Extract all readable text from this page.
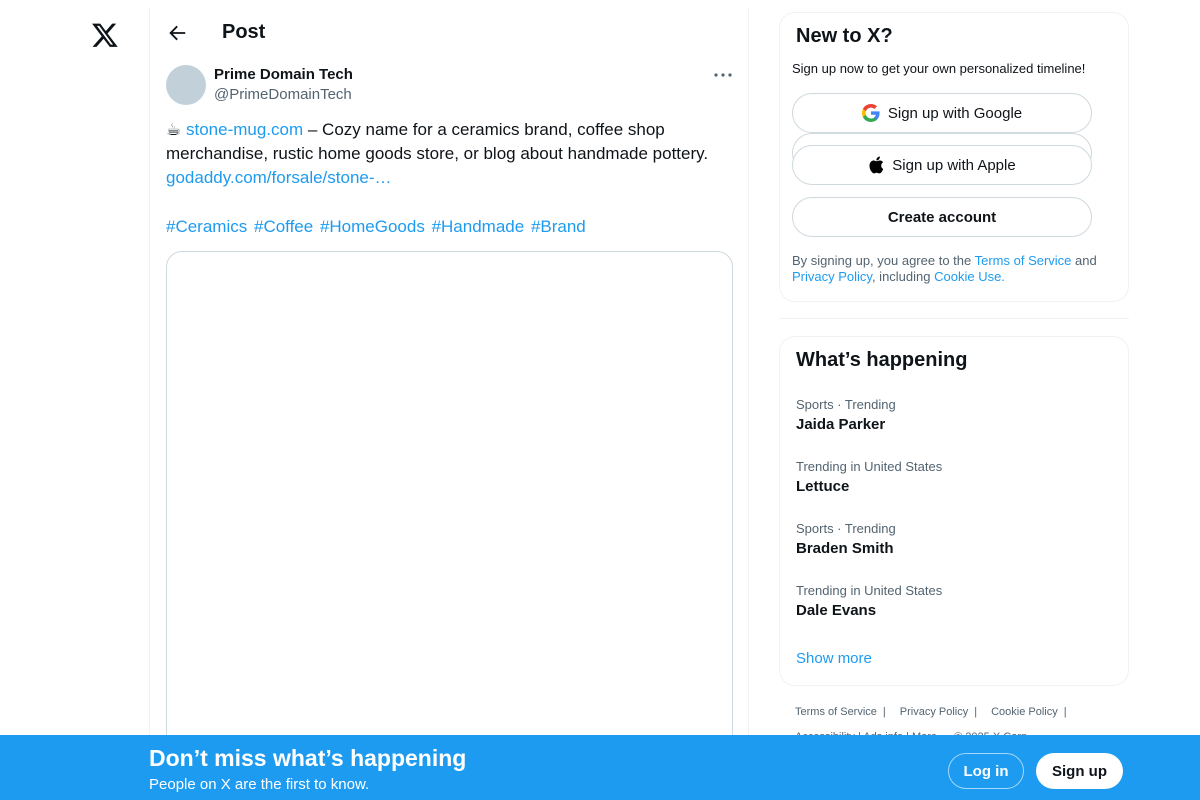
Post
Prime Domain Tech
@PrimeDomainTech
☕ stone-mug.com – Cozy name for a ceramics brand, coffee shop merchandise, rustic home goods store, or blog about handmade pottery.
godaddy.com/forsale/stone-…
#Ceramics #Coffee #HomeGoods #Handmade #Brand
New to X?
Sign up now to get your own personalized timeline!
Sign up with Google
Sign up with Apple
Create account
By signing up, you agree to the Terms of Service and
Privacy Policy, including Cookie Use.
What’s happening
Sports · Trending
Jaida Parker
Trending in United States
Lettuce
Sports · Trending
Braden Smith
Trending in United States
Dale Evans
Show more
Terms of Service | Privacy Policy | Cookie Policy |
Don’t miss what’s happening
People on X are the first to know.
Log in	Sign up
